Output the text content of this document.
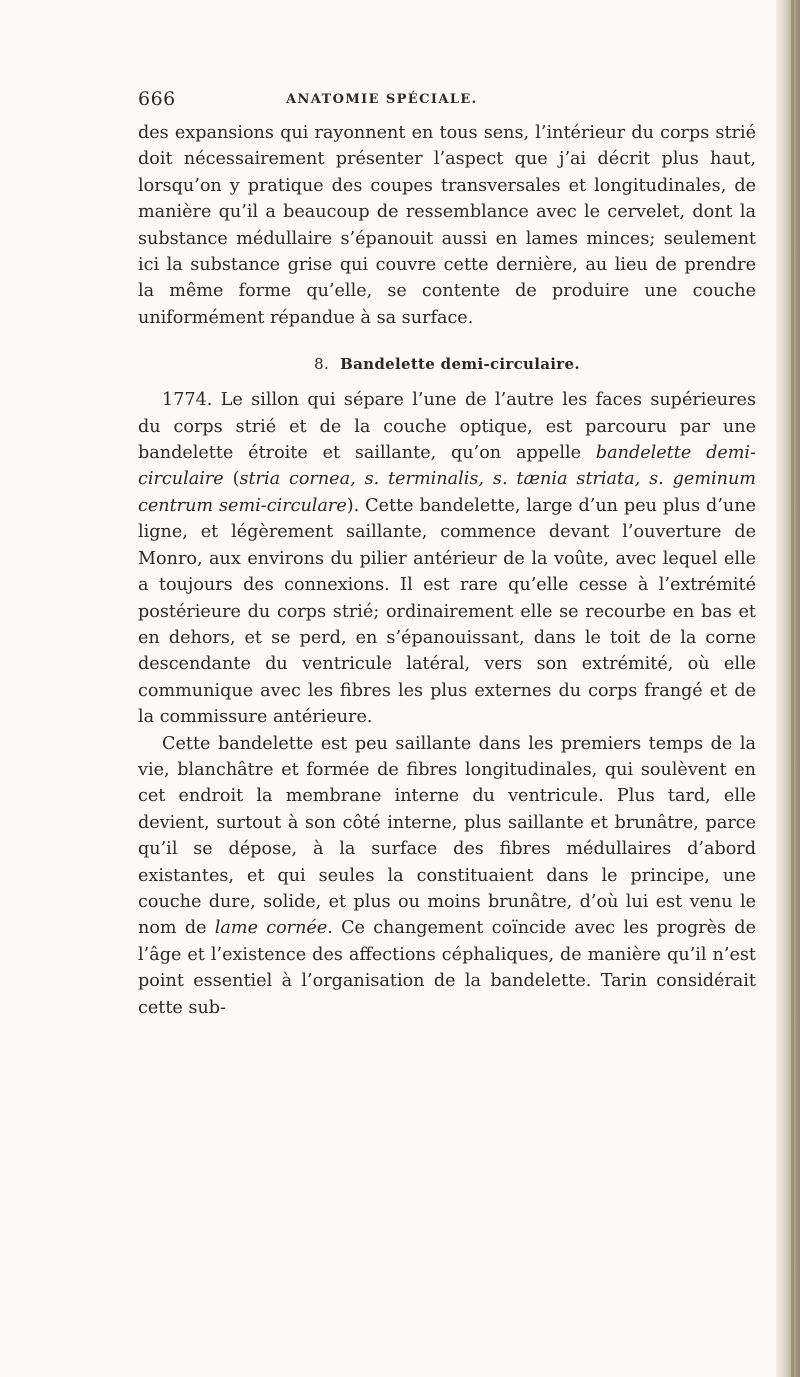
666	ANATOMIE SPÉCIALE.

des expansions qui rayonnent en tous sens, l’intérieur du corps strié doit nécessairement présenter l’aspect que j’ai décrit plus haut, lorsqu’on y pratique des coupes transversales et longitudinales, de manière qu’il a beaucoup de ressemblance avec le cervelet, dont la substance médullaire s’épanouit aussi en lames minces; seulement ici la substance grise qui couvre cette dernière, au lieu de prendre la même forme qu’elle, se contente de produire une couche uniformément répandue à sa surface.

8. Bandelette demi-circulaire.

1774. Le sillon qui sépare l’une de l’autre les faces supérieures du corps strié et de la couche optique, est parcouru par une bandelette étroite et saillante, qu’on appelle bandelette demi-circulaire (stria cornea, s. terminalis, s. tænia striata, s. geminum centrum semi-circulare). Cette bandelette, large d’un peu plus d’une ligne, et légèrement saillante, commence devant l’ouverture de Monro, aux environs du pilier antérieur de la voûte, avec lequel elle a toujours des connexions. Il est rare qu’elle cesse à l’extrémité postérieure du corps strié; ordinairement elle se recourbe en bas et en dehors, et se perd, en s’épanouissant, dans le toit de la corne descendante du ventricule latéral, vers son extrémité, où elle communique avec les fibres les plus externes du corps frangé et de la commissure antérieure.

Cette bandelette est peu saillante dans les premiers temps de la vie, blanchâtre et formée de fibres longitudinales, qui soulèvent en cet endroit la membrane interne du ventricule. Plus tard, elle devient, surtout à son côté interne, plus saillante et brunâtre, parce qu’il se dépose, à la surface des fibres médullaires d’abord existantes, et qui seules la constituaient dans le principe, une couche dure, solide, et plus ou moins brunâtre, d’où lui est venu le nom de lame cornée. Ce changement coïncide avec les progrès de l’âge et l’existence des affections céphaliques, de manière qu’il n’est point essentiel à l’organisation de la bandelette. Tarin considérait cette sub-
